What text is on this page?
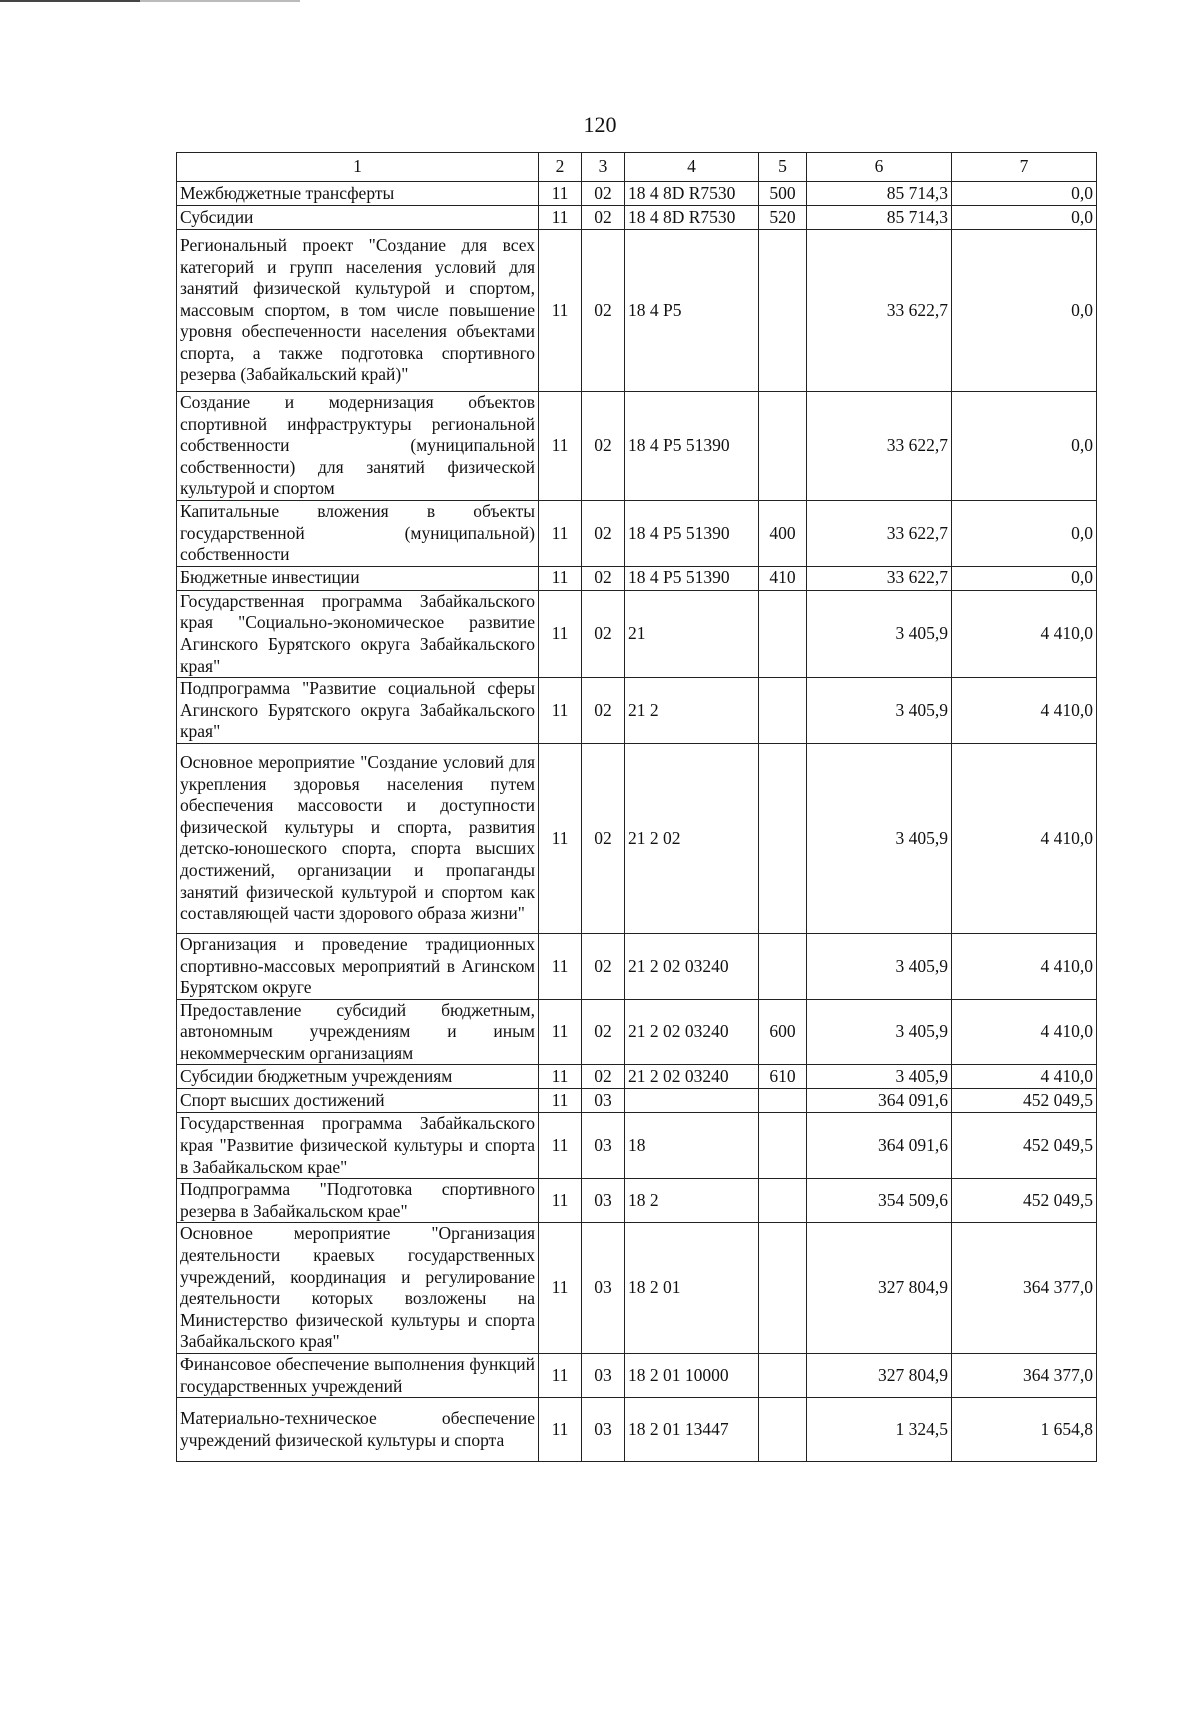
120
1	2	3	4	5	6	7
Межбюджетные трансферты	11	02	18 4 8D R7530	500	85 714,3	0,0
Субсидии	11	02	18 4 8D R7530	520	85 714,3	0,0
Региональный проект "Создание для всех категорий и групп населения условий для занятий физической культурой и спортом, массовым спортом, в том числе повышение уровня обеспеченности населения объектами спорта, а также подготовка спортивного резерва (Забайкальский край)"	11	02	18 4 P5		33 622,7	0,0
Создание и модернизация объектов спортивной инфраструктуры региональной собственности (муниципальной собственности) для занятий физической культурой и спортом	11	02	18 4 P5 51390		33 622,7	0,0
Капитальные вложения в объекты государственной (муниципальной) собственности	11	02	18 4 P5 51390	400	33 622,7	0,0
Бюджетные инвестиции	11	02	18 4 P5 51390	410	33 622,7	0,0
Государственная программа Забайкальского края "Социально-экономическое развитие Агинского Бурятского округа Забайкальского края"	11	02	21		3 405,9	4 410,0
Подпрограмма "Развитие социальной сферы Агинского Бурятского округа Забайкальского края"	11	02	21 2		3 405,9	4 410,0
Основное мероприятие "Создание условий для укрепления здоровья населения путем обеспечения массовости и доступности физической культуры и спорта, развития детско-юношеского спорта, спорта высших достижений, организации и пропаганды занятий физической культурой и спортом как составляющей части здорового образа жизни"	11	02	21 2 02		3 405,9	4 410,0
Организация и проведение традиционных спортивно-массовых мероприятий в Агинском Бурятском округе	11	02	21 2 02 03240		3 405,9	4 410,0
Предоставление субсидий бюджетным, автономным учреждениям и иным некоммерческим организациям	11	02	21 2 02 03240	600	3 405,9	4 410,0
Субсидии бюджетным учреждениям	11	02	21 2 02 03240	610	3 405,9	4 410,0
Спорт высших достижений	11	03			364 091,6	452 049,5
Государственная программа Забайкальского края "Развитие физической культуры и спорта в Забайкальском крае"	11	03	18		364 091,6	452 049,5
Подпрограмма "Подготовка спортивного резерва в Забайкальском крае"	11	03	18 2		354 509,6	452 049,5
Основное мероприятие "Организация деятельности краевых государственных учреждений, координация и регулирование деятельности которых возложены на Министерство физической культуры и спорта Забайкальского края"	11	03	18 2 01		327 804,9	364 377,0
Финансовое обеспечение выполнения функций государственных учреждений	11	03	18 2 01 10000		327 804,9	364 377,0
Материально-техническое обеспечение учреждений физической культуры и спорта	11	03	18 2 01 13447		1 324,5	1 654,8
